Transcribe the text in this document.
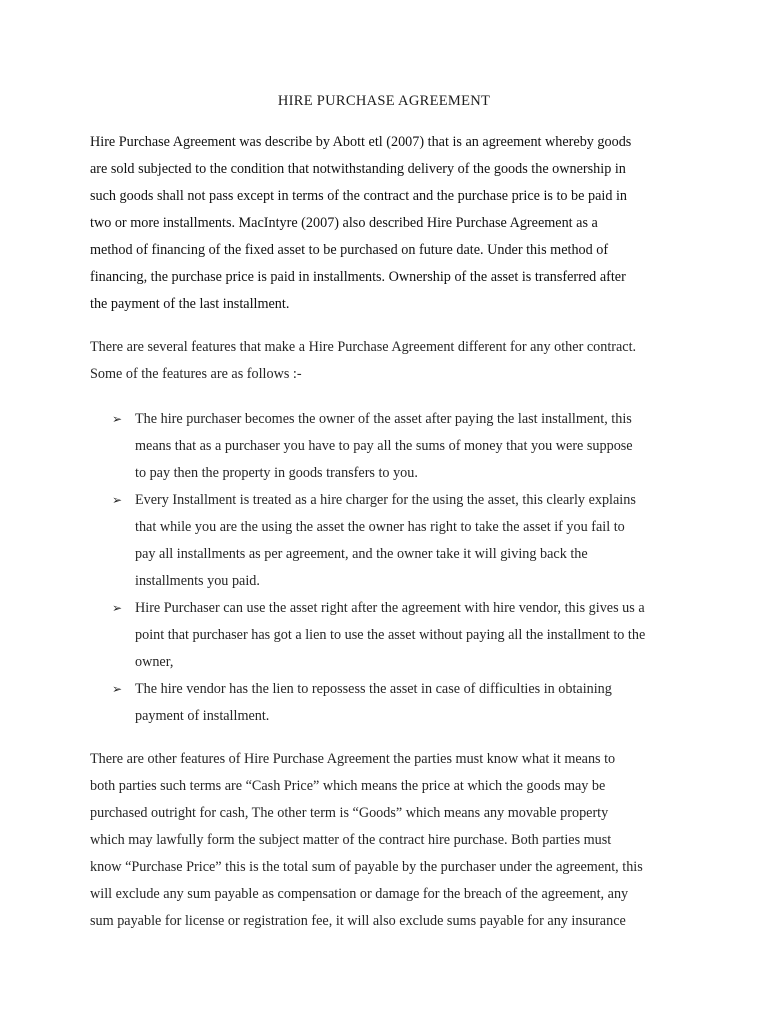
HIRE PURCHASE AGREEMENT
Hire Purchase Agreement was describe by Abott etl (2007) that is an agreement whereby goods
are sold subjected to the condition that notwithstanding delivery of the goods the ownership in
such goods shall not pass except in terms of the contract and the purchase price is to be paid in
two or more installments. MacIntyre (2007) also described Hire Purchase Agreement as a
method of financing of the fixed asset to be purchased on future date. Under this method of
financing, the purchase price is paid in installments. Ownership of the asset is transferred after
the payment of the last installment.
There are several features that make a Hire Purchase Agreement different for any other contract.
Some of the features are as follows :-
➢ The hire purchaser becomes the owner of the asset after paying the last installment, this
means that as a purchaser you have to pay all the sums of money that you were suppose
to pay then the property in goods transfers to you.
➢ Every Installment is treated as a hire charger for the using the asset, this clearly explains
that while you are the using the asset the owner has right to take the asset if you fail to
pay all installments as per agreement, and the owner take it will giving back the
installments you paid.
➢ Hire Purchaser can use the asset right after the agreement with hire vendor, this gives us a
point that purchaser has got a lien to use the asset without paying all the installment to the
owner,
➢ The hire vendor has the lien to repossess the asset in case of difficulties in obtaining
payment of installment.
There are other features of Hire Purchase Agreement the parties must know what it means to
both parties such terms are “Cash Price” which means the price at which the goods may be
purchased outright for cash, The other term is “Goods” which means any movable property
which may lawfully form the subject matter of the contract hire purchase. Both parties must
know “Purchase Price” this is the total sum of payable by the purchaser under the agreement, this
will exclude any sum payable as compensation or damage for the breach of the agreement, any
sum payable for license or registration fee, it will also exclude sums payable for any insurance
